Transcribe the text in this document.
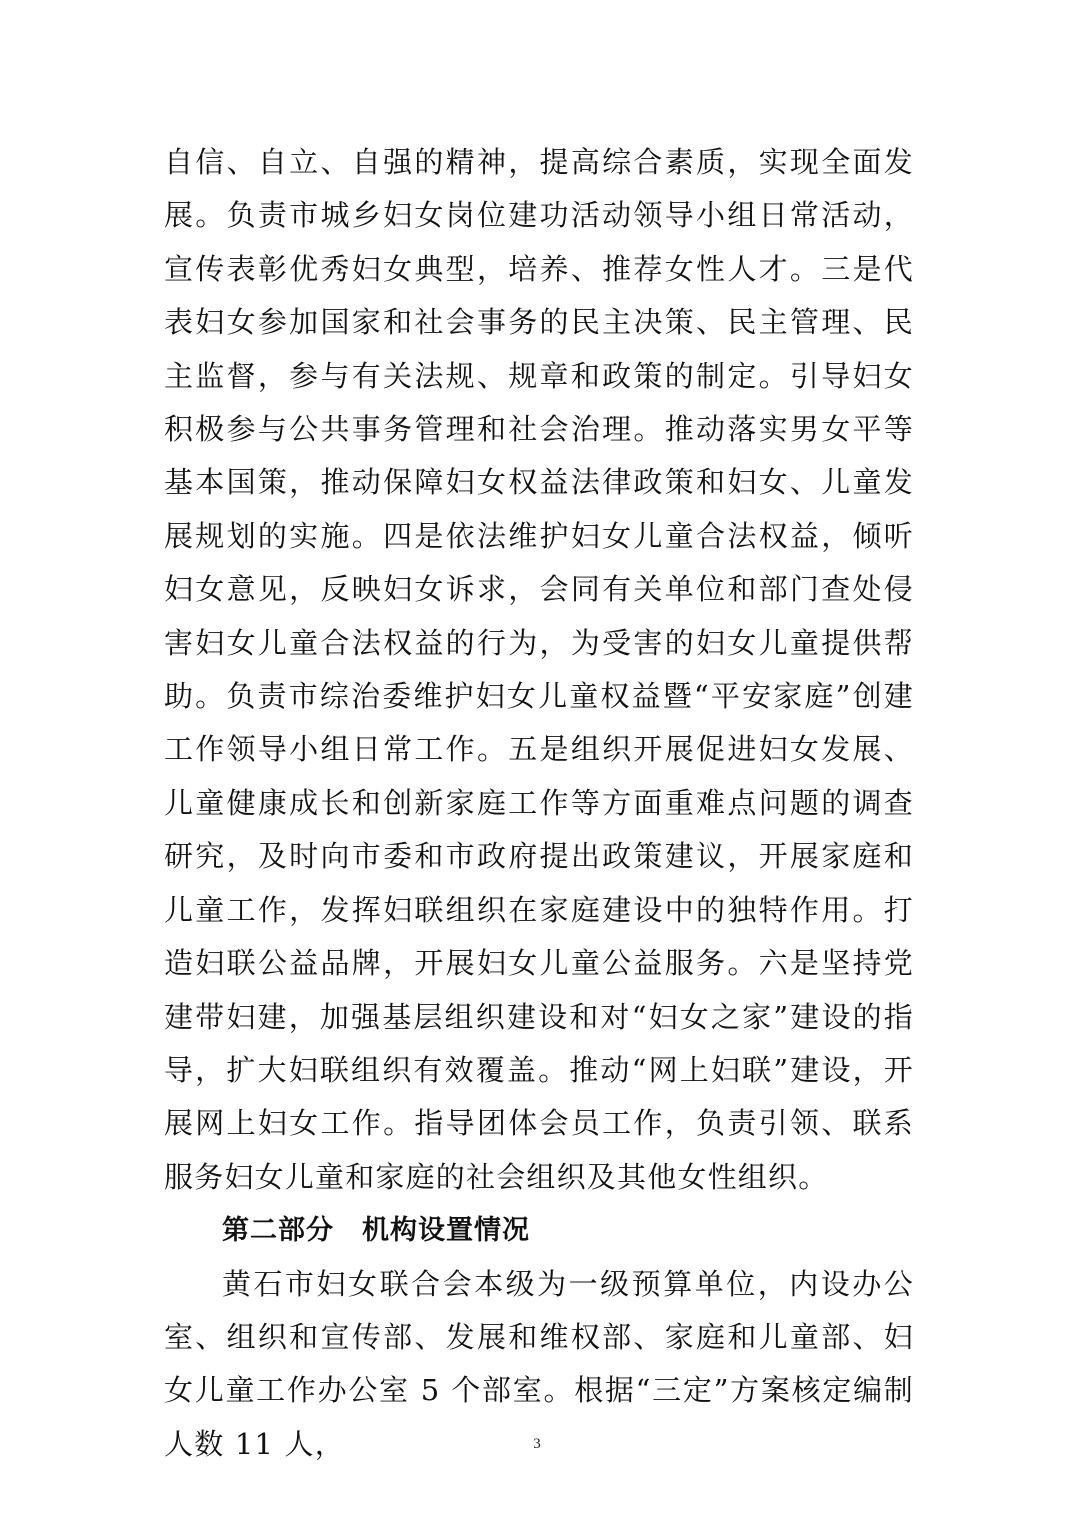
自信、自立、自强的精神，提高综合素质，实现全面发展。负责市城乡妇女岗位建功活动领导小组日常活动，宣传表彰优秀妇女典型，培养、推荐女性人才。三是代表妇女参加国家和社会事务的民主决策、民主管理、民主监督，参与有关法规、规章和政策的制定。引导妇女积极参与公共事务管理和社会治理。推动落实男女平等基本国策，推动保障妇女权益法律政策和妇女、儿童发展规划的实施。四是依法维护妇女儿童合法权益，倾听妇女意见，反映妇女诉求，会同有关单位和部门查处侵害妇女儿童合法权益的行为，为受害的妇女儿童提供帮助。负责市综治委维护妇女儿童权益暨“平安家庭”创建工作领导小组日常工作。五是组织开展促进妇女发展、儿童健康成长和创新家庭工作等方面重难点问题的调查研究，及时向市委和市政府提出政策建议，开展家庭和儿童工作，发挥妇联组织在家庭建设中的独特作用。打造妇联公益品牌，开展妇女儿童公益服务。六是坚持党建带妇建，加强基层组织建设和对“妇女之家”建设的指导，扩大妇联组织有效覆盖。推动“网上妇联”建设，开展网上妇女工作。指导团体会员工作，负责引领、联系服务妇女儿童和家庭的社会组织及其他女性组织。

第二部分　机构设置情况

黄石市妇女联合会本级为一级预算单位，内设办公室、组织和宣传部、发展和维权部、家庭和儿童部、妇女儿童工作办公室 5 个部室。根据“三定”方案核定编制人数 11 人，	3
